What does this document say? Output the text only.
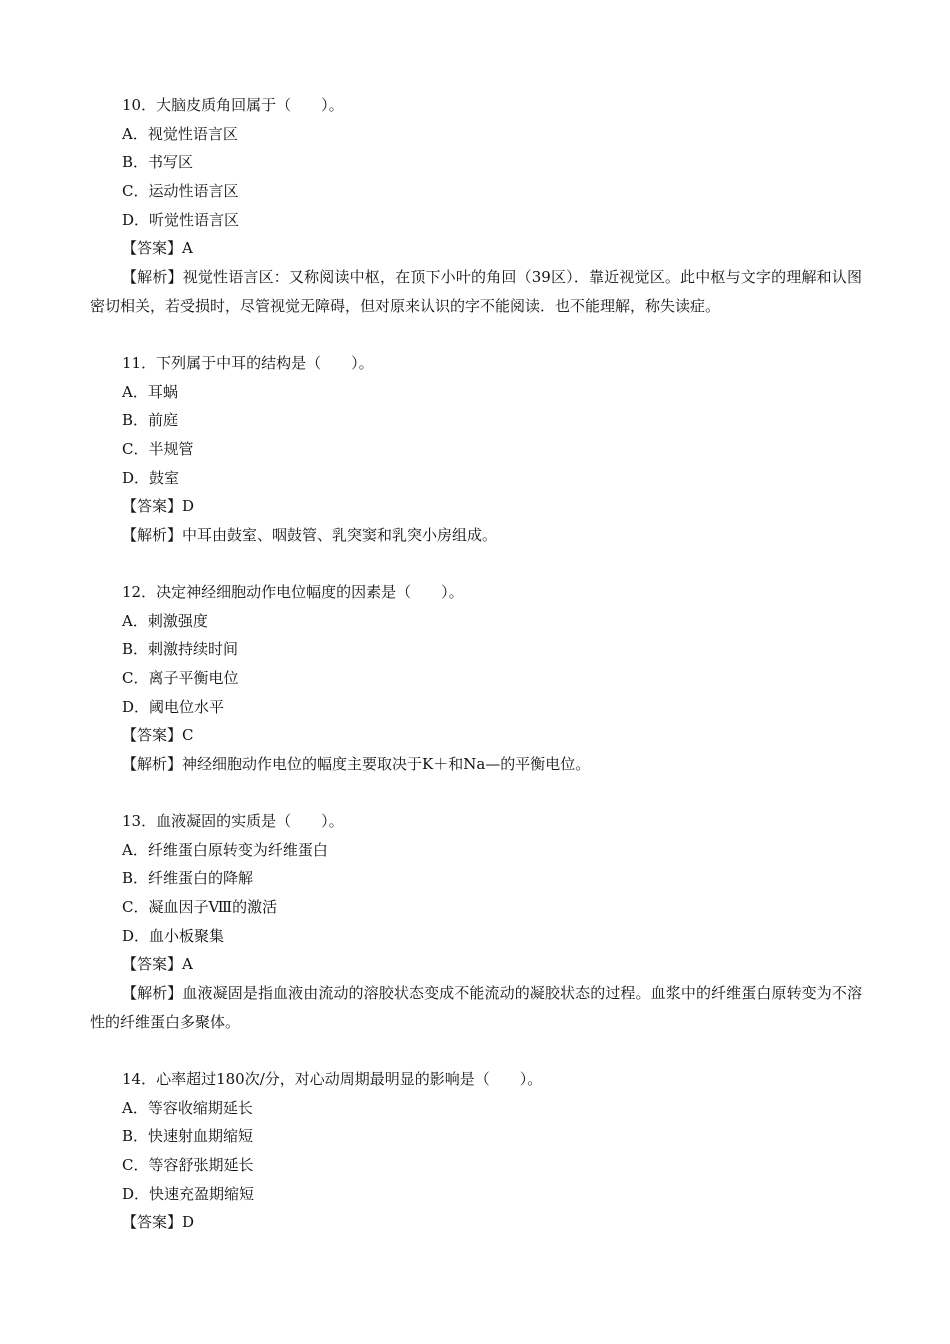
10．大脑皮质角回属于（　　）。
A．视觉性语言区
B．书写区
C．运动性语言区
D．听觉性语言区
【答案】A
【解析】视觉性语言区：又称阅读中枢，在顶下小叶的角回（39区）．靠近视觉区。此中枢与文字的理解和认图密切相关，若受损时，尽管视觉无障碍，但对原来认识的字不能阅读．也不能理解，称失读症。
11．下列属于中耳的结构是（　　）。
A．耳蜗
B．前庭
C．半规管
D．鼓室
【答案】D
【解析】中耳由鼓室、咽鼓管、乳突窦和乳突小房组成。
12．决定神经细胞动作电位幅度的因素是（　　）。
A．刺激强度
B．刺激持续时间
C．离子平衡电位
D．阈电位水平
【答案】C
【解析】神经细胞动作电位的幅度主要取决于K＋和Na—的平衡电位。
13．血液凝固的实质是（　　）。
A．纤维蛋白原转变为纤维蛋白
B．纤维蛋白的降解
C．凝血因子Ⅷ的激活
D．血小板聚集
【答案】A
【解析】血液凝固是指血液由流动的溶胶状态变成不能流动的凝胶状态的过程。血浆中的纤维蛋白原转变为不溶性的纤维蛋白多聚体。
14．心率超过180次/分，对心动周期最明显的影响是（　　）。
A．等容收缩期延长
B．快速射血期缩短
C．等容舒张期延长
D．快速充盈期缩短
【答案】D
